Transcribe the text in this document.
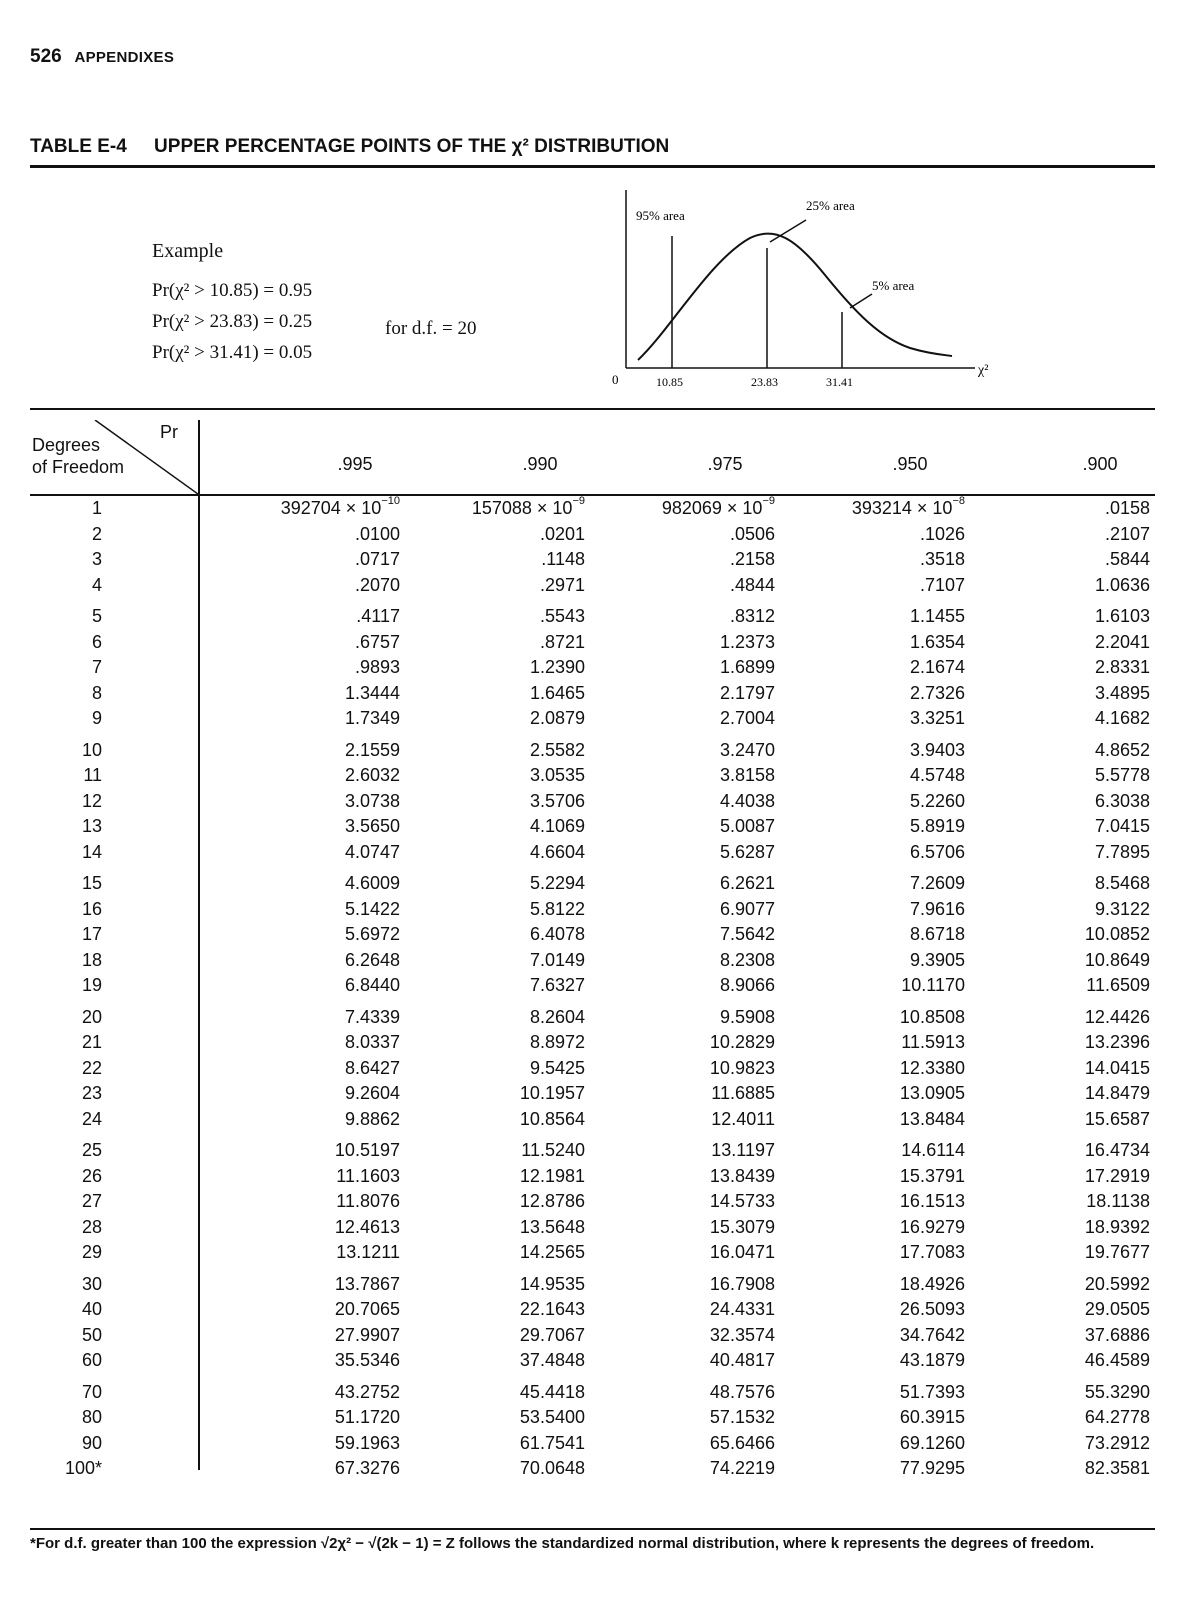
526 APPENDIXES
TABLE E-4 UPPER PERCENTAGE POINTS OF THE χ² DISTRIBUTION
Example
Pr(χ² > 10.85) = 0.95
Pr(χ² > 23.83) = 0.25
Pr(χ² > 31.41) = 0.05
for d.f. = 20
95% area
25% area
5% area
0	10.85	23.83	31.41
χ²
Pr
Degrees
of Freedom	.995	.990	.975	.950	.900
1	$392704 \times 10^{-10}$	$157088 \times 10^{-9}$	$982069 \times 10^{-9}$	$393214 \times 10^{-8}$	.0158
2	.0100	.0201	.0506	.1026	.2107
3	.0717	.1148	.2158	.3518	.5844
4	.2070	.2971	.4844	.7107	1.0636
5	.4117	.5543	.8312	1.1455	1.6103
6	.6757	.8721	1.2373	1.6354	2.2041
7	.9893	1.2390	1.6899	2.1674	2.8331
8	1.3444	1.6465	2.1797	2.7326	3.4895
9	1.7349	2.0879	2.7004	3.3251	4.1682
10	2.1559	2.5582	3.2470	3.9403	4.8652
11	2.6032	3.0535	3.8158	4.5748	5.5778
12	3.0738	3.5706	4.4038	5.2260	6.3038
13	3.5650	4.1069	5.0087	5.8919	7.0415
14	4.0747	4.6604	5.6287	6.5706	7.7895
15	4.6009	5.2294	6.2621	7.2609	8.5468
16	5.1422	5.8122	6.9077	7.9616	9.3122
17	5.6972	6.4078	7.5642	8.6718	10.0852
18	6.2648	7.0149	8.2308	9.3905	10.8649
19	6.8440	7.6327	8.9066	10.1170	11.6509
20	7.4339	8.2604	9.5908	10.8508	12.4426
21	8.0337	8.8972	10.2829	11.5913	13.2396
22	8.6427	9.5425	10.9823	12.3380	14.0415
23	9.2604	10.1957	11.6885	13.0905	14.8479
24	9.8862	10.8564	12.4011	13.8484	15.6587
25	10.5197	11.5240	13.1197	14.6114	16.4734
26	11.1603	12.1981	13.8439	15.3791	17.2919
27	11.8076	12.8786	14.5733	16.1513	18.1138
28	12.4613	13.5648	15.3079	16.9279	18.9392
29	13.1211	14.2565	16.0471	17.7083	19.7677
30	13.7867	14.9535	16.7908	18.4926	20.5992
40	20.7065	22.1643	24.4331	26.5093	29.0505
50	27.9907	29.7067	32.3574	34.7642	37.6886
60	35.5346	37.4848	40.4817	43.1879	46.4589
70	43.2752	45.4418	48.7576	51.7393	55.3290
80	51.1720	53.5400	57.1532	60.3915	64.2778
90	59.1963	61.7541	65.6466	69.1260	73.2912
100*	67.3276	70.0648	74.2219	77.9295	82.3581
*For d.f. greater than 100 the expression √2χ² − √(2k − 1) = Z follows the standardized normal distribution, where k represents the degrees of freedom.
